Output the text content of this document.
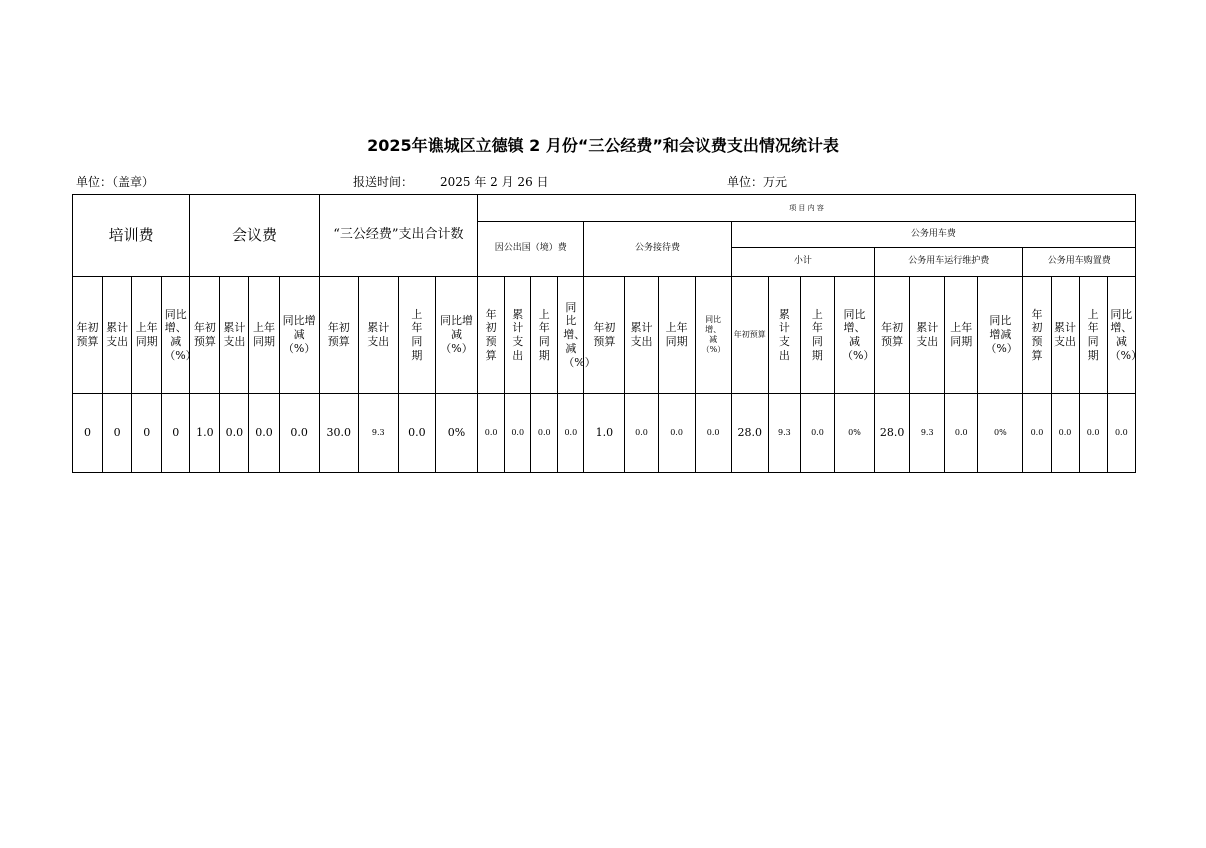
2025年谯城区立德镇 2 月份“三公经费”和会议费支出情况统计表
单位：（盖章）	报送时间： 2025 年 2 月 26 日	单位：万元
培训费				会议费				“三公经费”支出合计数				项 目 内 容																			
												因公出国（境）费				公务接待费				公务用车费											
																				小计				公务用车运行维护费				公务用车购置费			
年初预算	累计支出	上年同期	同比增、减（%）	年初预算	累计支出	上年同期	同比增减（%）	年初预算	累计支出	上年同期	同比增减（%）	年初预算	累计支出	上年同期	同比增、减（%）	年初预算	累计支出	上年同期	同比增、减（%）	年初预算	累计支出	上年同期	同比增、减（%）	年初预算	累计支出	上年同期	同比增减（%）	年初预算	累计支出	上年同期	同比增、减（%）
0	0	0	0	1.0	0.0	0.0	0.0	30.0	9.3	0.0	0%	0.0	0.0	0.0	0.0	1.0	0.0	0.0	0.0	28.0	9.3	0.0	0%	28.0	9.3	0.0	0%	0.0	0.0	0.0	0.0
